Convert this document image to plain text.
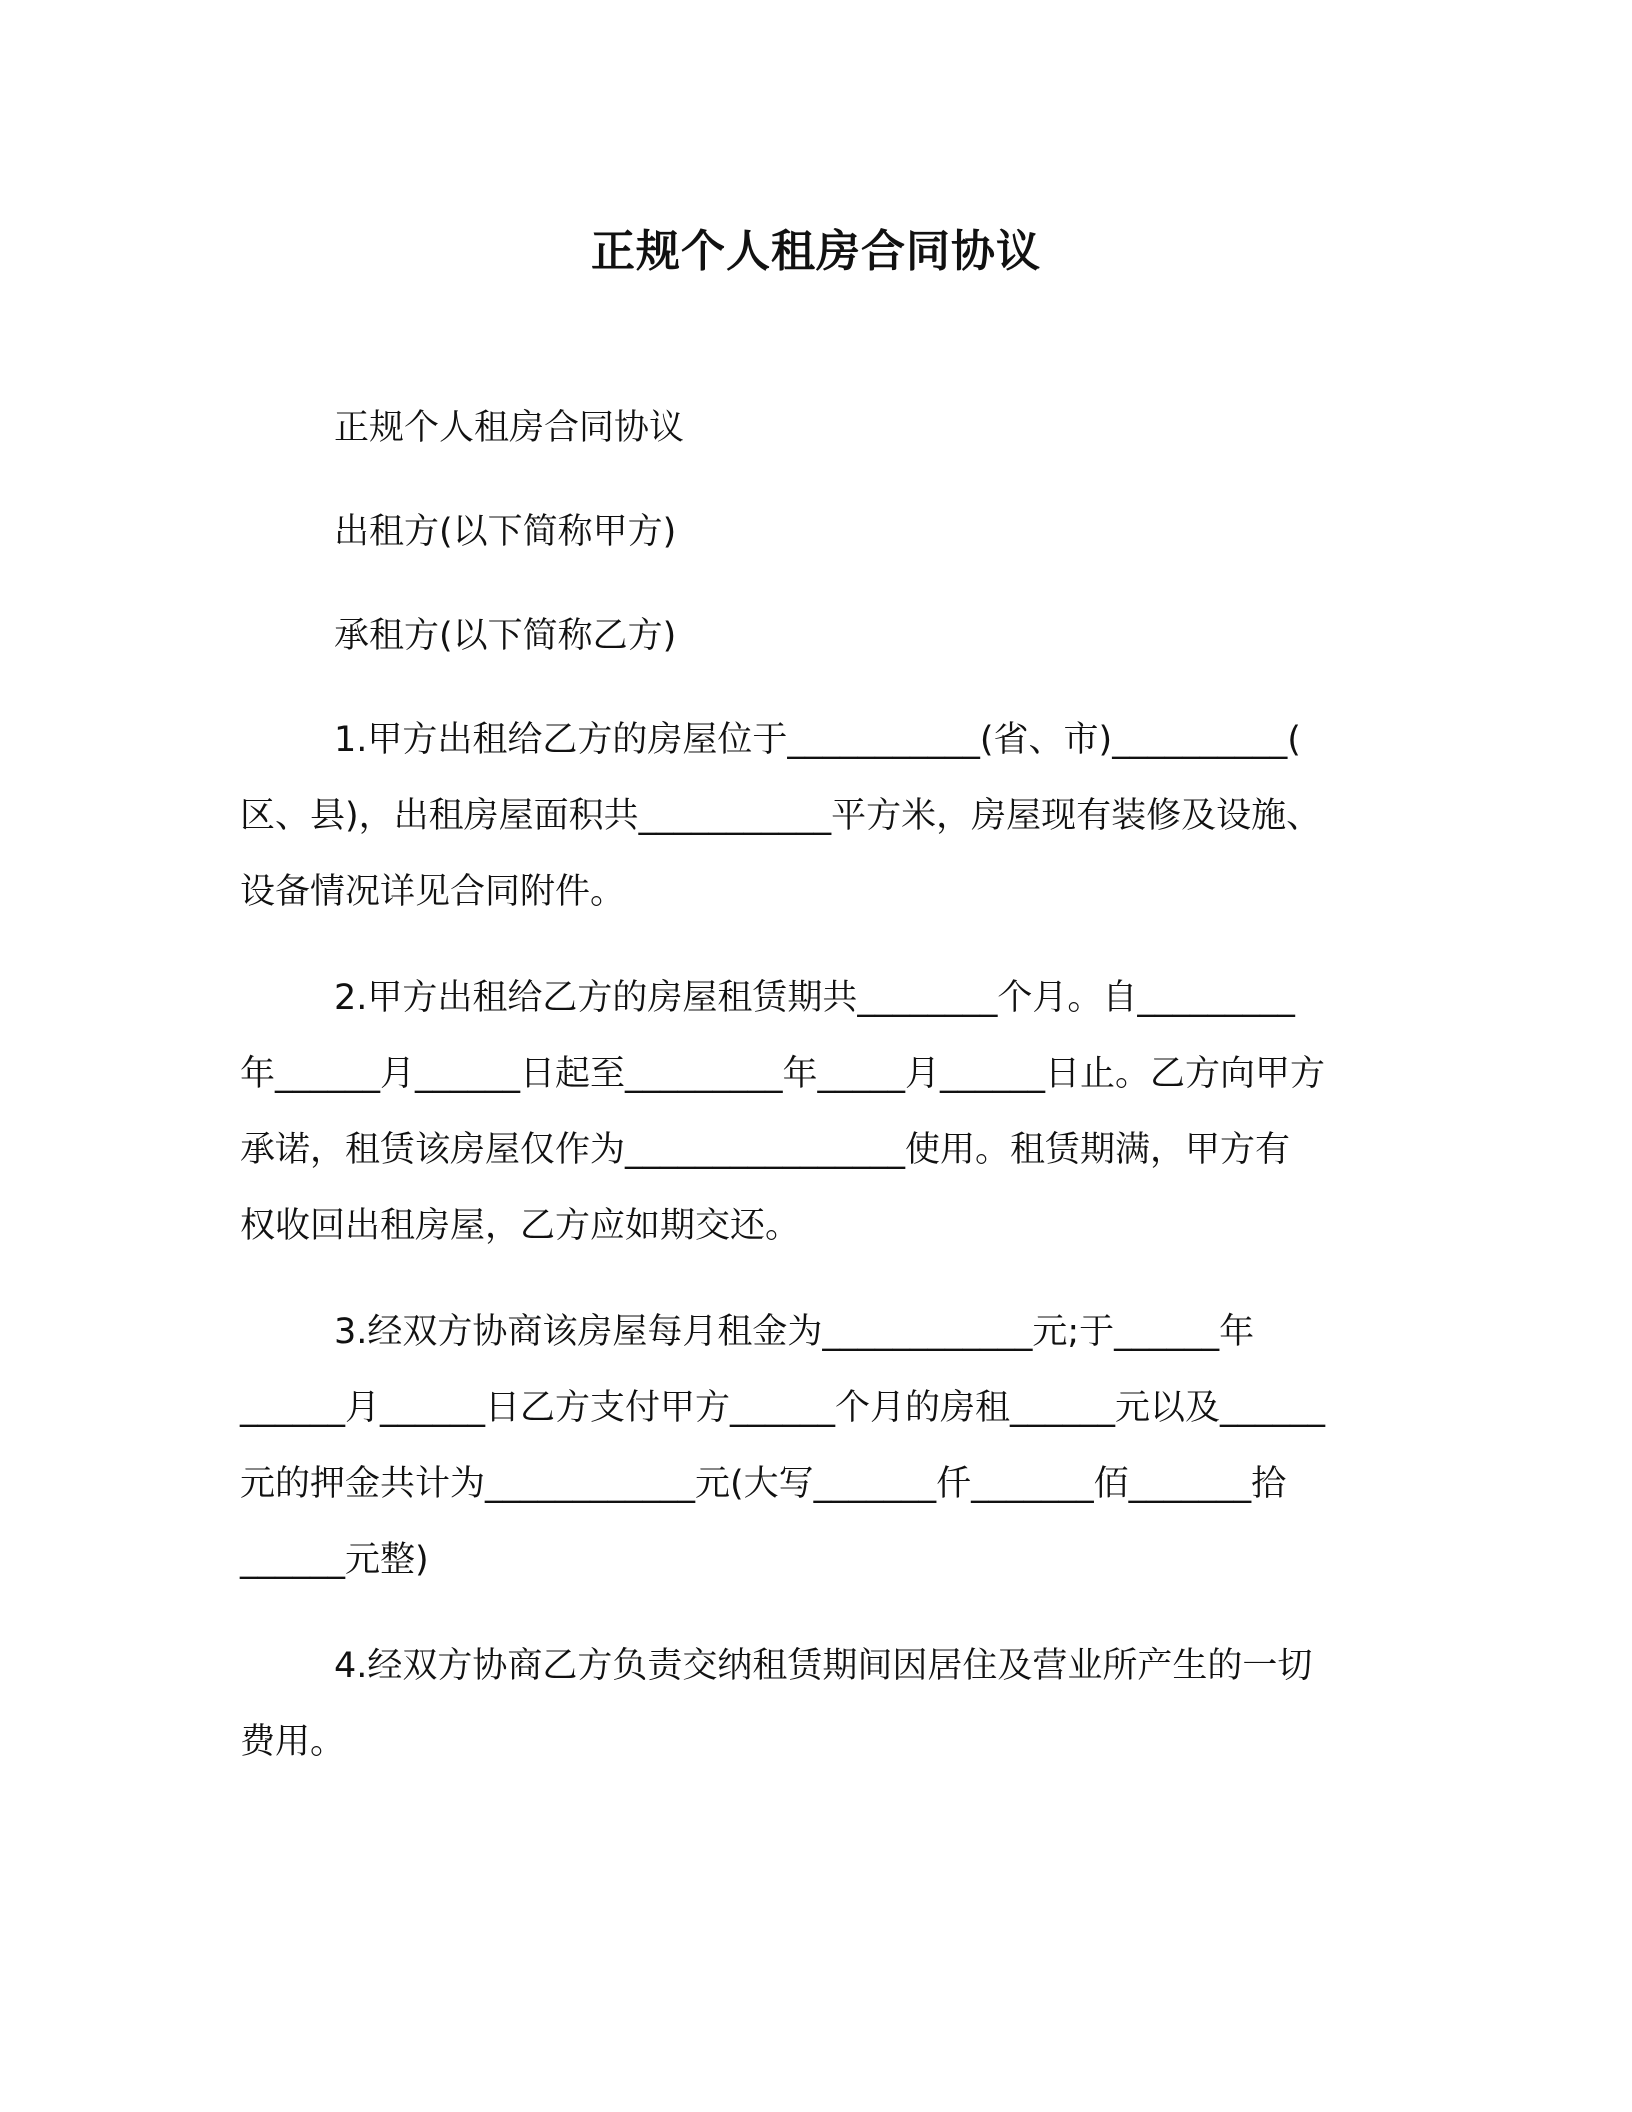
正规个人租房合同协议

正规个人租房合同协议

出租方(以下简称甲方)

承租方(以下简称乙方)

1.甲方出租给乙方的房屋位于___________(省、市)__________(

区、县)，出租房屋面积共___________平方米，房屋现有装修及设施、

设备情况详见合同附件。

2.甲方出租给乙方的房屋租赁期共________个月。自_________

年______月______日起至_________年_____月______日止。乙方向甲方

承诺，租赁该房屋仅作为________________使用。租赁期满，甲方有

权收回出租房屋，乙方应如期交还。

3.经双方协商该房屋每月租金为____________元;于______年

______月______日乙方支付甲方______个月的房租______元以及______

元的押金共计为____________元(大写_______仟_______佰_______拾

______元整)

4.经双方协商乙方负责交纳租赁期间因居住及营业所产生的一切

费用。
